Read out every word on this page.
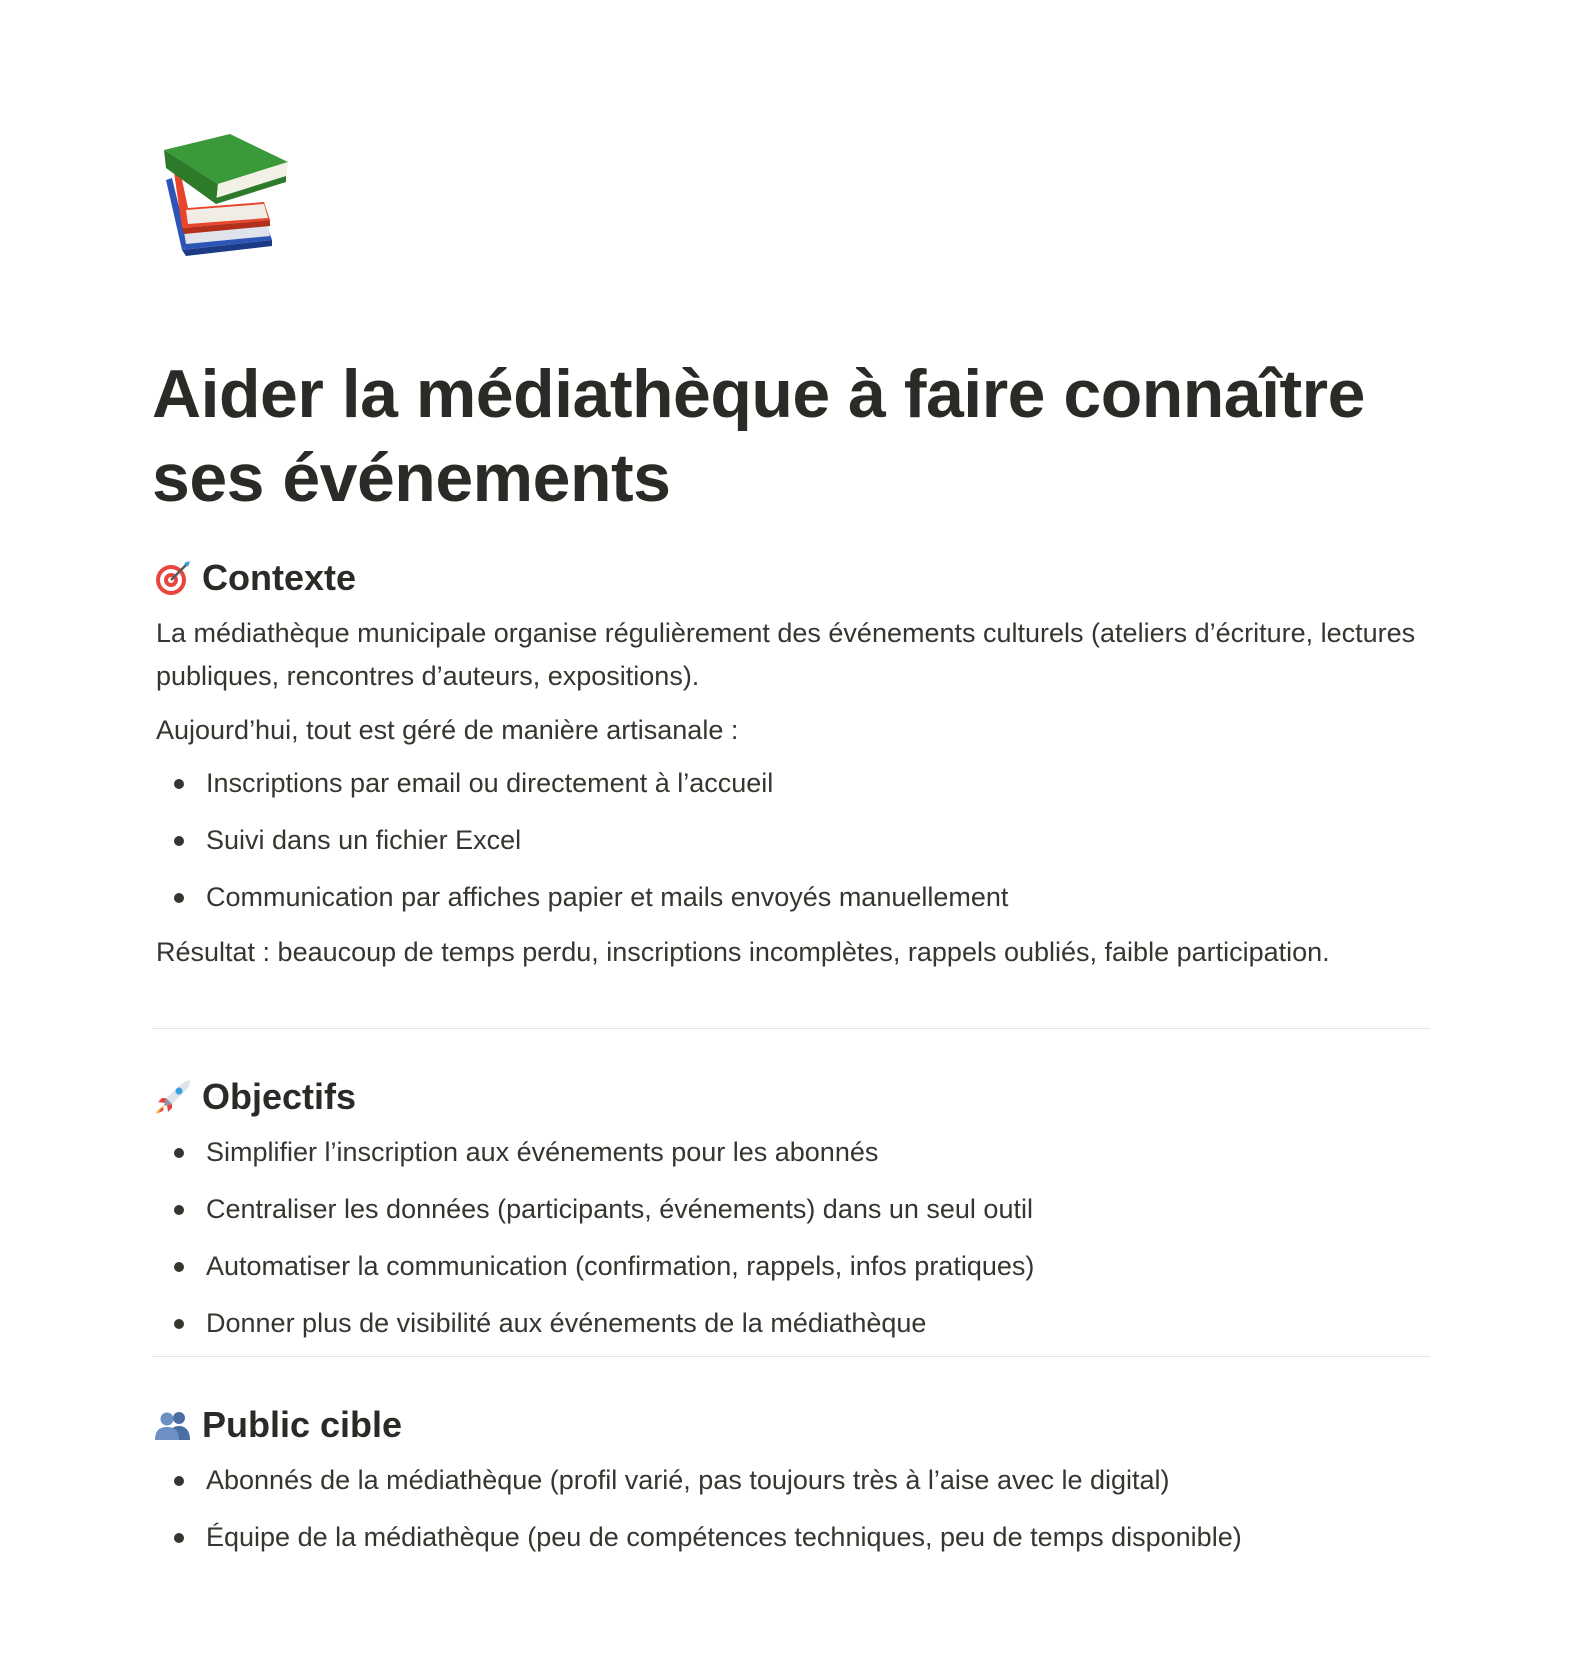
Aider la médiathèque à faire connaître ses événements
Contexte

La médiathèque municipale organise régulièrement des événements culturels (ateliers d’écriture, lectures publiques, rencontres d’auteurs, expositions).

Aujourd’hui, tout est géré de manière artisanale :

Inscriptions par email ou directement à l’accueil
Suivi dans un fichier Excel
Communication par affiches papier et mails envoyés manuellement

Résultat : beaucoup de temps perdu, inscriptions incomplètes, rappels oubliés, faible participation.

Objectifs
Simplifier l’inscription aux événements pour les abonnés
Centraliser les données (participants, événements) dans un seul outil
Automatiser la communication (confirmation, rappels, infos pratiques)
Donner plus de visibilité aux événements de la médiathèque
Public cible
Abonnés de la médiathèque (profil varié, pas toujours très à l’aise avec le digital)
Équipe de la médiathèque (peu de compétences techniques, peu de temps disponible)
